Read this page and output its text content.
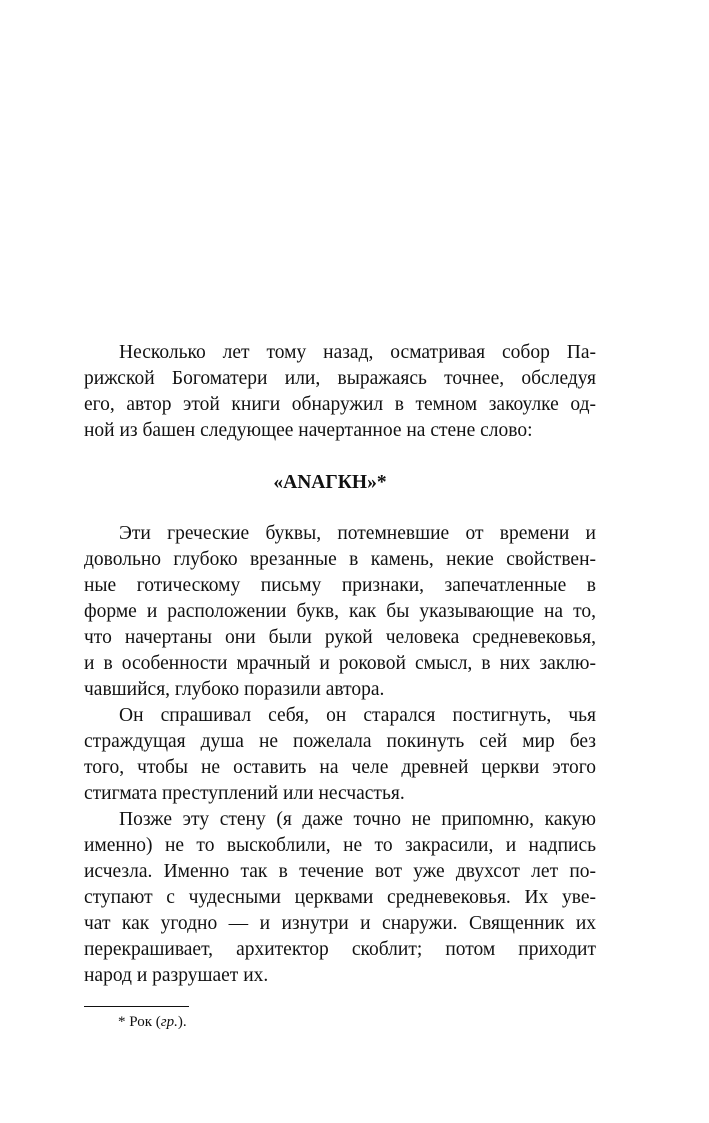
Несколько лет тому назад, осматривая собор Па-
рижской Богоматери или, выражаясь точнее, обследуя
его, автор этой книги обнаружил в темном закоулке од-
ной из башен следующее начертанное на стене слово:
«ΑΝΑГКН»*
Эти греческие буквы, потемневшие от времени и
довольно глубоко врезанные в камень, некие свойствен-
ные готическому письму признаки, запечатленные в
форме и расположении букв, как бы указывающие на то,
что начертаны они были рукой человека средневековья,
и в особенности мрачный и роковой смысл, в них заклю-
чавшийся, глубоко поразили автора.
Он спрашивал себя, он старался постигнуть, чья
страждущая душа не пожелала покинуть сей мир без
того, чтобы не оставить на челе древней церкви этого
стигмата преступлений или несчастья.
Позже эту стену (я даже точно не припомню, какую
именно) не то выскоблили, не то закрасили, и надпись
исчезла. Именно так в течение вот уже двухсот лет по-
ступают с чудесными церквами средневековья. Их уве-
чат как угодно — и изнутри и снаружи. Священник их
перекрашивает, архитектор скоблит; потом приходит
народ и разрушает их.
* Рок (гр.).
